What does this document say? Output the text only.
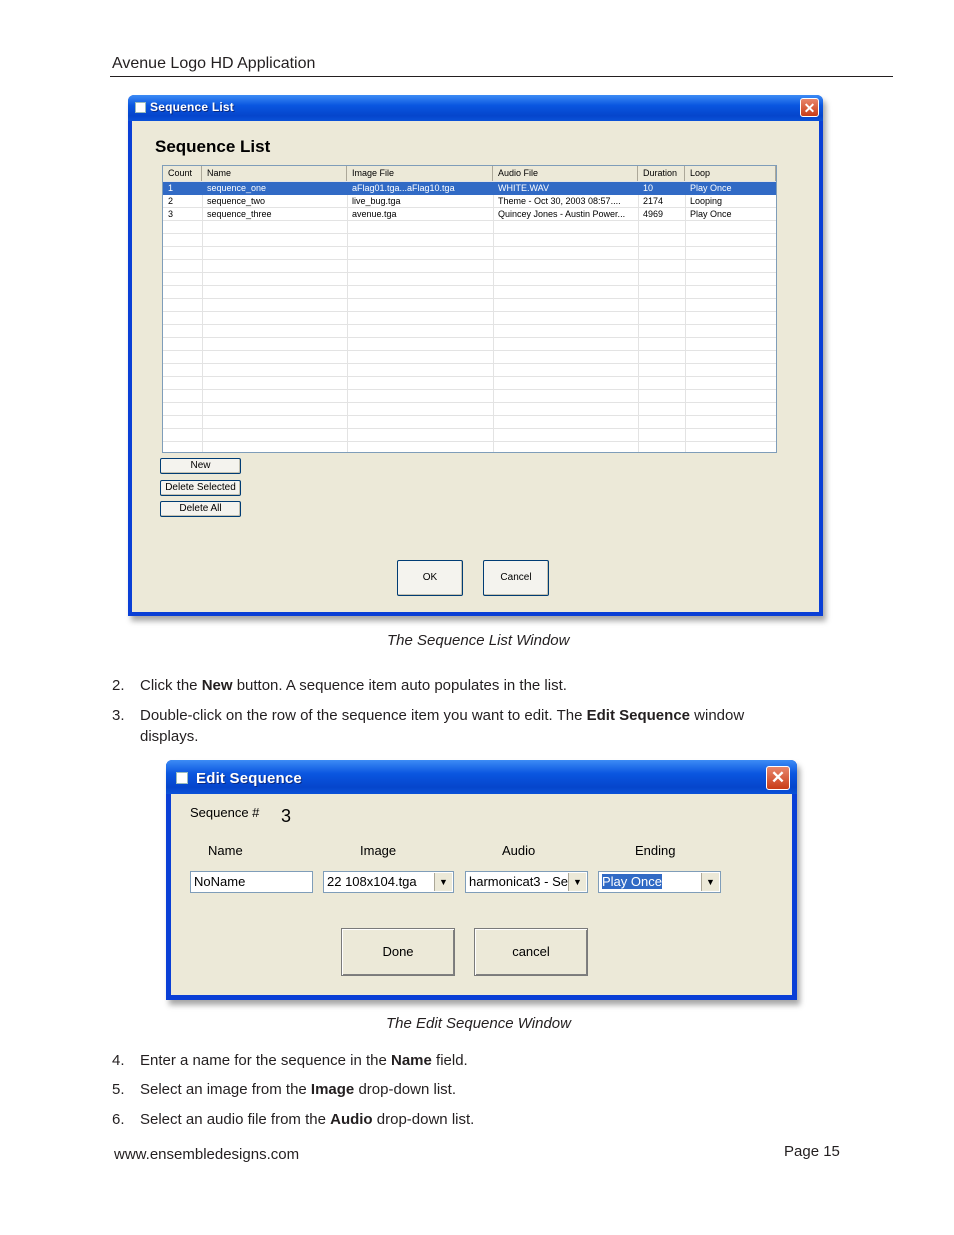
Avenue Logo HD Application
Sequence List	✕
Sequence List
Count	Name	Image File	Audio File	Duration	Loop
1	sequence_one	aFlag01.tga...aFlag10.tga	WHITE.WAV	10	Play Once
2	sequence_two	live_bug.tga	Theme - Oct 30, 2003 08:57....	2174	Looping
3	sequence_three	avenue.tga	Quincey Jones - Austin Power...	4969	Play Once
New
Delete Selected
Delete All
OK	Cancel
The Sequence List Window
2. Click the New button. A sequence item auto populates in the list.
3. Double-click on the row of the sequence item you want to edit. The Edit Sequence window displays.
Edit Sequence	✕
Sequence # 3
Name	Image	Audio	Ending
NoName	22 108x104.tga	▼	harmonicat3 - Se ▼	Play Once	▼
Done	cancel
The Edit Sequence Window
4. Enter a name for the sequence in the Name field.
5. Select an image from the Image drop-down list.
6. Select an audio file from the Audio drop-down list.
www.ensembledesigns.com	Page 15
